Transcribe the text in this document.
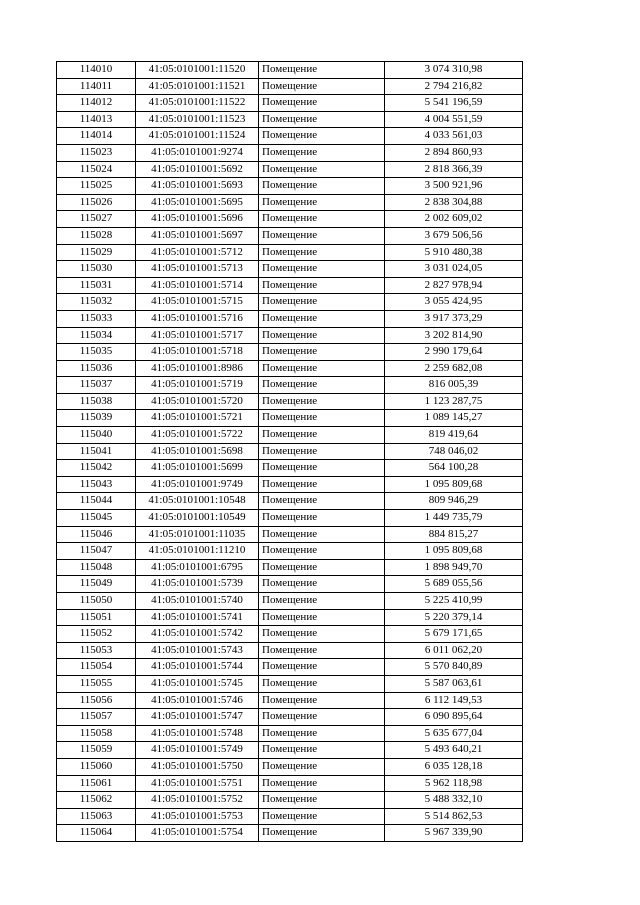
114010	41:05:0101001:11520	Помещение	3 074 310,98
114011	41:05:0101001:11521	Помещение	2 794 216,82
114012	41:05:0101001:11522	Помещение	5 541 196,59
114013	41:05:0101001:11523	Помещение	4 004 551,59
114014	41:05:0101001:11524	Помещение	4 033 561,03
115023	41:05:0101001:9274	Помещение	2 894 860,93
115024	41:05:0101001:5692	Помещение	2 818 366,39
115025	41:05:0101001:5693	Помещение	3 500 921,96
115026	41:05:0101001:5695	Помещение	2 838 304,88
115027	41:05:0101001:5696	Помещение	2 002 609,02
115028	41:05:0101001:5697	Помещение	3 679 506,56
115029	41:05:0101001:5712	Помещение	5 910 480,38
115030	41:05:0101001:5713	Помещение	3 031 024,05
115031	41:05:0101001:5714	Помещение	2 827 978,94
115032	41:05:0101001:5715	Помещение	3 055 424,95
115033	41:05:0101001:5716	Помещение	3 917 373,29
115034	41:05:0101001:5717	Помещение	3 202 814,90
115035	41:05:0101001:5718	Помещение	2 990 179,64
115036	41:05:0101001:8986	Помещение	2 259 682,08
115037	41:05:0101001:5719	Помещение	816 005,39
115038	41:05:0101001:5720	Помещение	1 123 287,75
115039	41:05:0101001:5721	Помещение	1 089 145,27
115040	41:05:0101001:5722	Помещение	819 419,64
115041	41:05:0101001:5698	Помещение	748 046,02
115042	41:05:0101001:5699	Помещение	564 100,28
115043	41:05:0101001:9749	Помещение	1 095 809,68
115044	41:05:0101001:10548	Помещение	809 946,29
115045	41:05:0101001:10549	Помещение	1 449 735,79
115046	41:05:0101001:11035	Помещение	884 815,27
115047	41:05:0101001:11210	Помещение	1 095 809,68
115048	41:05:0101001:6795	Помещение	1 898 949,70
115049	41:05:0101001:5739	Помещение	5 689 055,56
115050	41:05:0101001:5740	Помещение	5 225 410,99
115051	41:05:0101001:5741	Помещение	5 220 379,14
115052	41:05:0101001:5742	Помещение	5 679 171,65
115053	41:05:0101001:5743	Помещение	6 011 062,20
115054	41:05:0101001:5744	Помещение	5 570 840,89
115055	41:05:0101001:5745	Помещение	5 587 063,61
115056	41:05:0101001:5746	Помещение	6 112 149,53
115057	41:05:0101001:5747	Помещение	6 090 895,64
115058	41:05:0101001:5748	Помещение	5 635 677,04
115059	41:05:0101001:5749	Помещение	5 493 640,21
115060	41:05:0101001:5750	Помещение	6 035 128,18
115061	41:05:0101001:5751	Помещение	5 962 118,98
115062	41:05:0101001:5752	Помещение	5 488 332,10
115063	41:05:0101001:5753	Помещение	5 514 862,53
115064	41:05:0101001:5754	Помещение	5 967 339,90
